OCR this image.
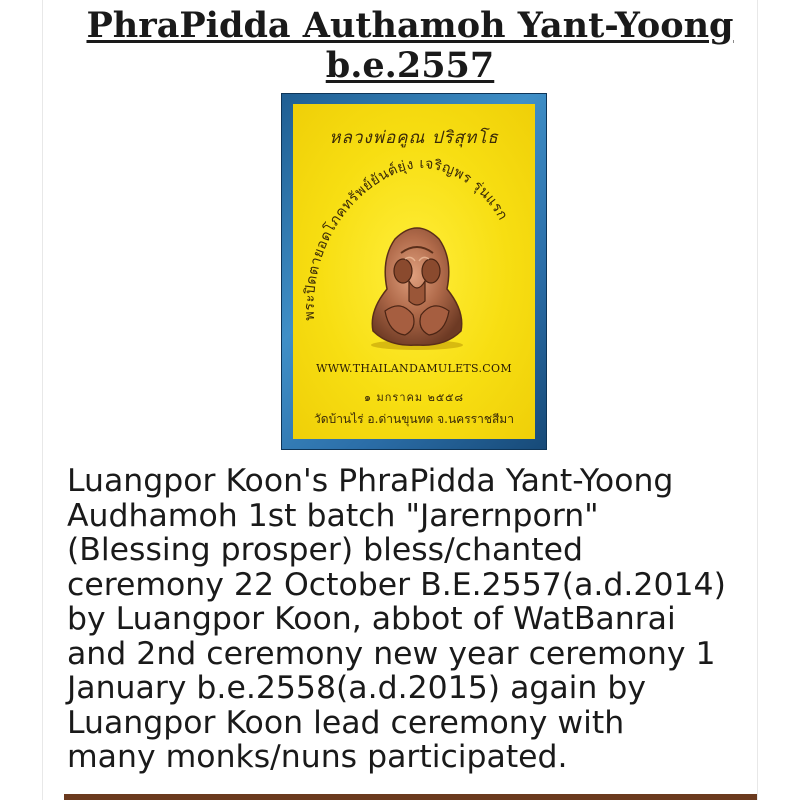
PhraPidda Authamoh Yant-Yoong
b.e.2557
หลวงพ่อคูณ ปริสุทโธ
พระปิดตายอดโภคทรัพย์ยันต์ยุ่ง เจริญพร รุ่นแรก
WWW.THAILANDAMULETS.COM
๑ มกราคม ๒๕๕๘
วัดบ้านไร่ อ.ด่านขุนทด จ.นครราชสีมา
Luangpor Koon's PhraPidda Yant-Yoong
Audhamoh 1st batch "Jarernporn"
(Blessing prosper) bless/chanted
ceremony 22 October B.E.2557(a.d.2014)
by Luangpor Koon, abbot of WatBanrai
and 2nd ceremony new year ceremony 1
January b.e.2558(a.d.2015) again by
Luangpor Koon lead ceremony with
many monks/nuns participated.
